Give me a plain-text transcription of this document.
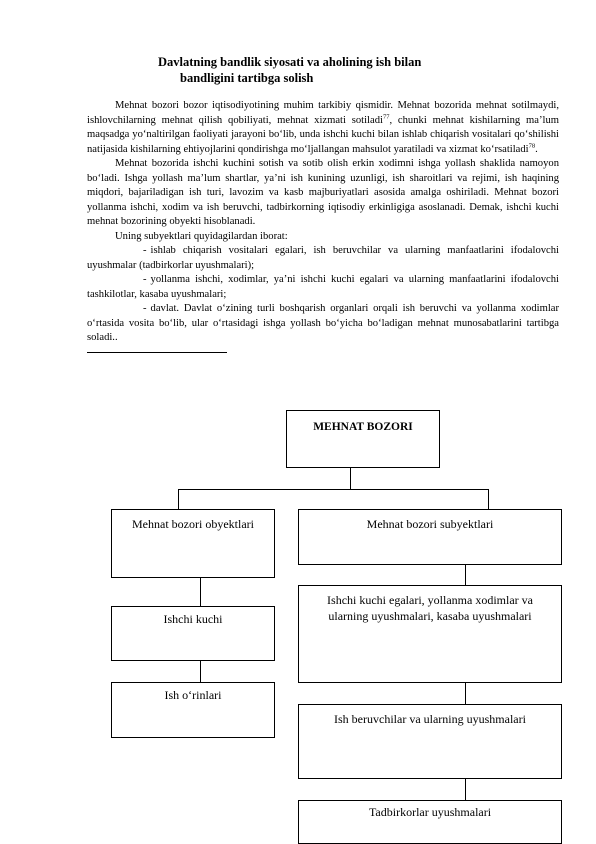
Davlatning bandlik siyosati va aholining ish bilan
bandligini tartibga solish

Mehnat bozori bozor iqtisodiyotining muhim tarkibiy qismidir. Mehnat bozorida mehnat sotilmaydi, ishlovchilarning mehnat qilish qobiliyati, mehnat xizmati sotiladi$^{77}$, chunki mehnat kishilarning ma’lum maqsadga yo‘naltirilgan faoliyati jarayoni bo‘lib, unda ishchi kuchi bilan ishlab chiqarish vositalari qo‘shilishi natijasida kishilarning ehtiyojlarini qondirishga mo‘ljallangan mahsulot yaratiladi va xizmat ko‘rsatiladi$^{78}$.

Mehnat bozorida ishchi kuchini sotish va sotib olish erkin xodimni ishga yollash shaklida namoyon bo‘ladi. Ishga yollash ma’lum shartlar, ya’ni ish kunining uzunligi, ish sharoitlari va rejimi, ish haqining miqdori, bajariladigan ish turi, lavozim va kasb majburiyatlari asosida amalga oshiriladi. Mehnat bozori yollanma ishchi, xodim va ish beruvchi, tadbirkorning iqtisodiy erkinligiga asoslanadi. Demak, ishchi kuchi mehnat bozorining obyekti hisoblanadi.

Uning subyektlari quyidagilardan iborat:

- ishlab chiqarish vositalari egalari, ish beruvchilar va ularning manfaatlarini ifodalovchi uyushmalar (tadbirkorlar uyushmalari);

- yollanma ishchi, xodimlar, ya’ni ishchi kuchi egalari va ularning manfaatlarini ifodalovchi tashkilotlar, kasaba uyushmalari;

- davlat. Davlat o‘zining turli boshqarish organlari orqali ish beruvchi va yollanma xodimlar o‘rtasida vosita bo‘lib, ular o‘rtasidagi ishga yollash bo‘yicha bo‘ladigan mehnat munosabatlarini tartibga soladi..

MEHNAT BOZORI
Mehnat bozori obyektlari	Mehnat bozori subyektlari
Ishchi kuchi
Ish o‘rinlari
Ishchi kuchi egalari, yollanma xodimlar va
ularning uyushmalari, kasaba uyushmalari
Ish beruvchilar va ularning uyushmalari
Tadbirkorlar uyushmalari
